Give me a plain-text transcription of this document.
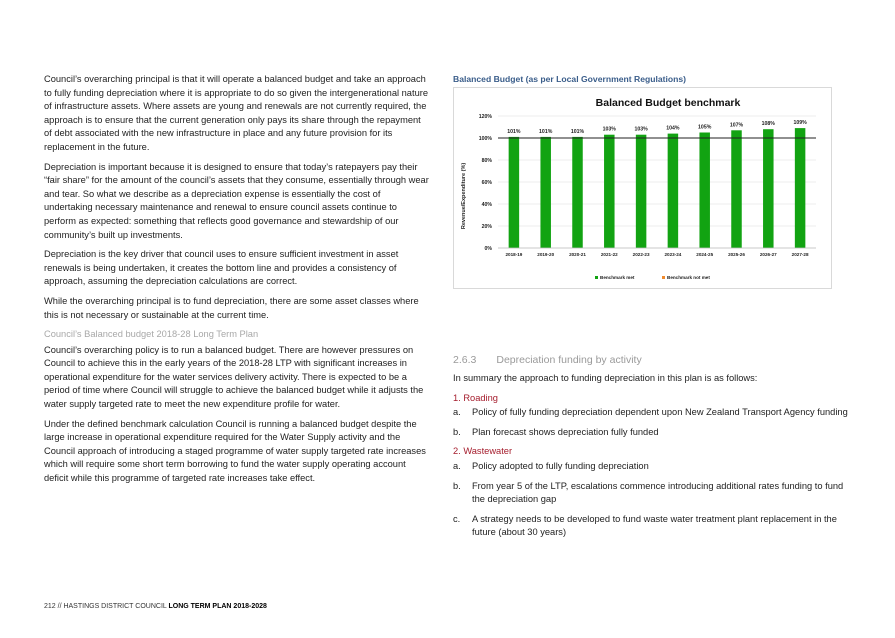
Council’s overarching principal is that it will operate a balanced budget and take an approach to fully funding depreciation where it is appropriate to do so given the intergenerational nature of infrastructure assets. Where assets are young and renewals are not currently required, the approach is to ensure that the current generation only pays its share through the repayment of debt associated with the new infrastructure in place and any future provision for its replacement in the future.

Depreciation is important because it is designed to ensure that today’s ratepayers pay their “fair share” for the amount of the council’s assets that they consume, essentially through wear and tear. So what we describe as a depreciation expense is essentially the cost of undertaking necessary maintenance and renewal to ensure council assets continue to perform as expected: something that reflects good governance and stewardship of our community’s built up investments.

Depreciation is the key driver that council uses to ensure sufficient investment in asset renewals is being undertaken, it creates the bottom line and provides a consistency of approach, assuming the depreciation calculations are correct.

While the overarching principal is to fund depreciation, there are some asset classes where this is not necessary or sustainable at the current time.

Council’s Balanced budget 2018-28 Long Term Plan

Council’s overarching policy is to run a balanced budget. There are however pressures on Council to achieve this in the early years of the 2018-28 LTP with significant increases in operational expenditure for the water services delivery activity. There is expected to be a period of time where Council will struggle to achieve the balanced budget while it adjusts the water supply targeted rate to meet the new expenditure profile for water.

Under the defined benchmark calculation Council is running a balanced budget despite the large increase in operational expenditure required for the Water Supply activity and the Council approach of introducing a staged programme of water supply targeted rate increases which will require some short term borrowing to fund the water supply operating account deficit while this programme of targeted rate increases take effect.

Balanced Budget (as per Local Government Regulations)
Balanced Budget benchmark
Revenue/Expenditure (%)
0%
20%
40%
60%
80%
100%
120%
101%
2018-19
101%
2019-20
101%
2020-21
103%
2021-22
103%
2022-23
104%
2023-24
105%
2024-25
107%
2025-26
108%
2026-27
109%
2027-28
Benchmark met	Benchmark not met
2.6.3 Depreciation funding by activity
In summary the approach to funding depreciation in this plan is as follows:
1. Roading
a. Policy of fully funding depreciation dependent upon New Zealand Transport Agency funding
b. Plan forecast shows depreciation fully funded
2. Wastewater
a. Policy adopted to fully funding depreciation
b. From year 5 of the LTP, escalations commence introducing additional rates funding to fund the depreciation gap
c. A strategy needs to be developed to fund waste water treatment plant replacement in the future (about 30 years)
212 // HASTINGS DISTRICT COUNCIL LONG TERM PLAN 2018-2028
